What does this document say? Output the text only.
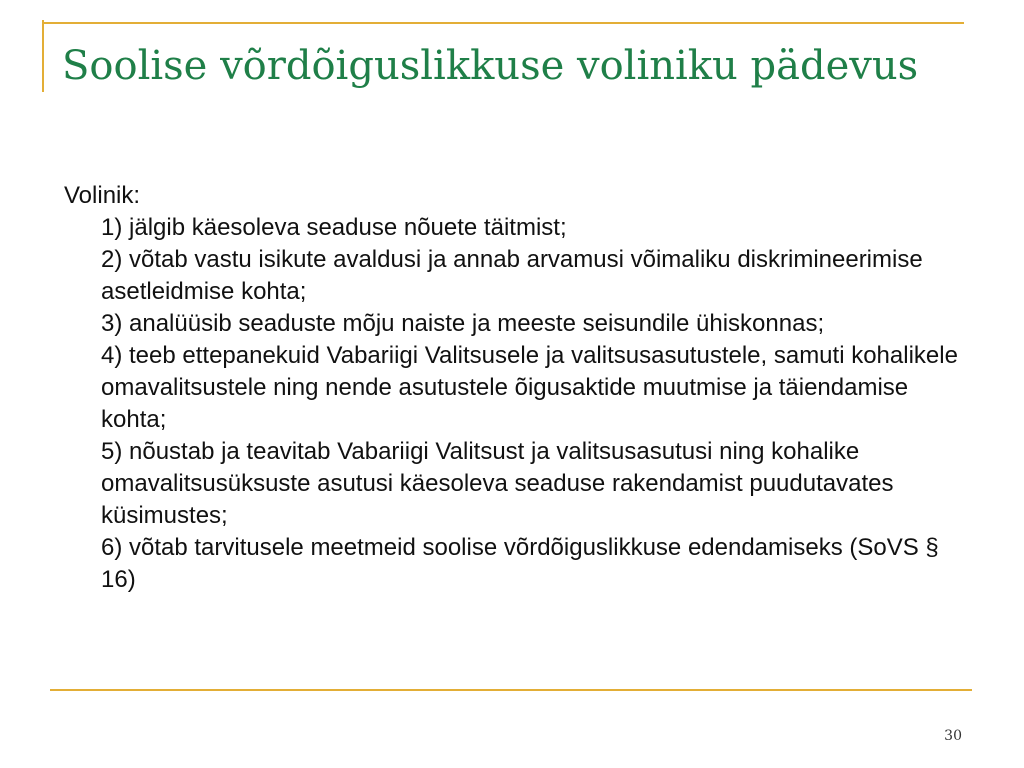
Soolise võrdõiguslikkuse voliniku pädevus

Volinik:

1) jälgib käesoleva seaduse nõuete täitmist;
2) võtab vastu isikute avaldusi ja annab arvamusi võimaliku diskrimineerimise asetleidmise kohta;
3) analüüsib seaduste mõju naiste ja meeste seisundile ühiskonnas;
4) teeb ettepanekuid Vabariigi Valitsusele ja valitsusasutustele, samuti kohalikele omavalitsustele ning nende asutustele õigusaktide muutmise ja täiendamise kohta;
5) nõustab ja teavitab Vabariigi Valitsust ja valitsusasutusi ning kohalike omavalitsusüksuste asutusi käesoleva seaduse rakendamist puudutavates küsimustes;
6) võtab tarvitusele meetmeid soolise võrdõiguslikkuse edendamiseks (SoVS § 16)
30
